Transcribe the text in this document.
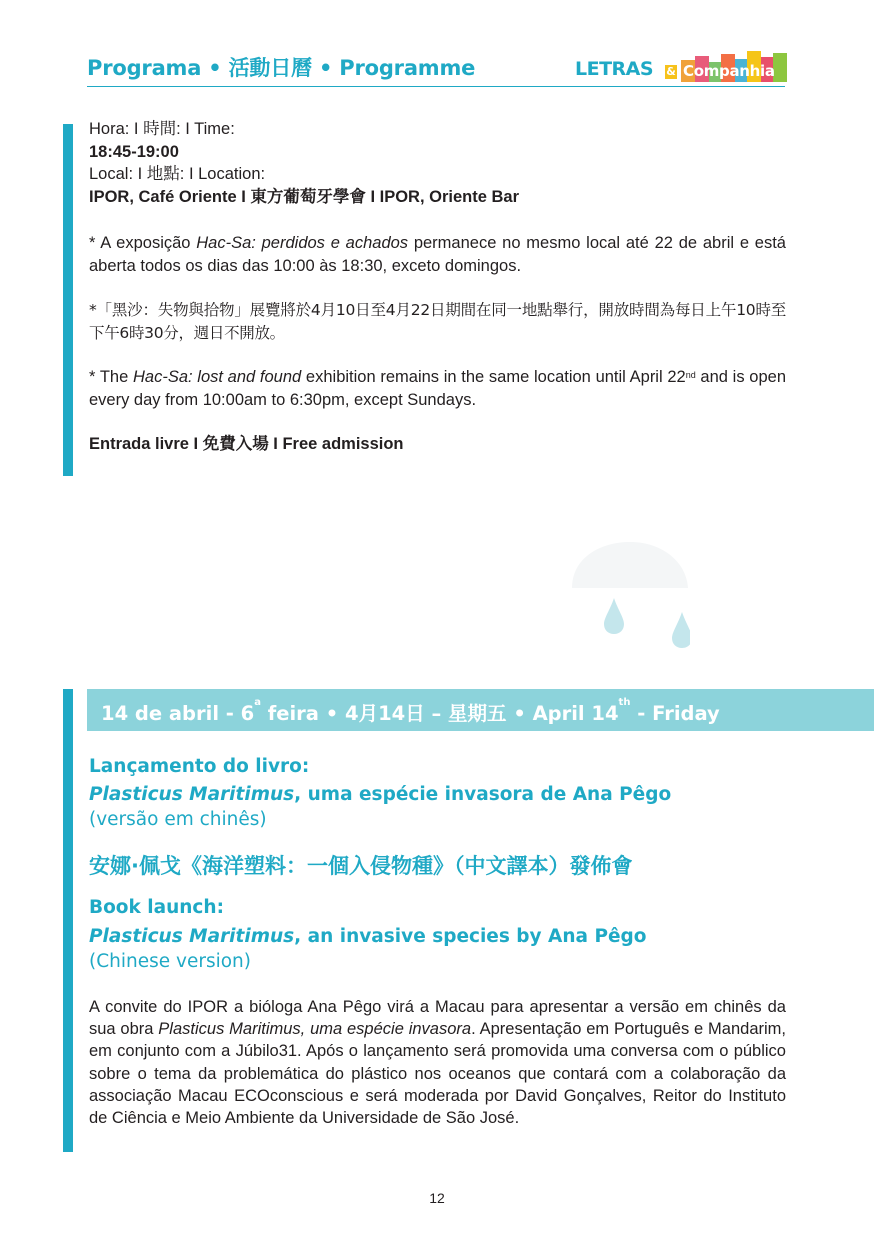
Programa • 活動日曆 • Programme	LETRAS & Companhia
Hora: I 時間: I Time:
18:45-19:00
Local: I 地點: I Location:
IPOR, Café Oriente I 東方葡萄牙學會 I IPOR, Oriente Bar
* A exposição Hac-Sa: perdidos e achados permanece no mesmo local até 22 de abril e está aberta todos os dias das 10:00 às 18:30, exceto domingos.
*「黑沙：失物與拾物」展覽將於4月10日至4月22日期間在同一地點舉行，開放時間為每日上午10時至下午6時30分，週日不開放。
* The Hac-Sa: lost and found exhibition remains in the same location until April 22nd and is open every day from 10:00am to 6:30pm, except Sundays.
Entrada livre I 免費入場 I Free admission
14 de abril - 6$^a$ feira • 4月14日 – 星期五 • April 14th - Friday
Lançamento do livro:
Plasticus Maritimus, uma espécie invasora de Ana Pêgo
(versão em chinês)
安娜·佩戈《海洋塑料：一個入侵物種》（中文譯本）發佈會
Book launch:
Plasticus Maritimus, an invasive species by Ana Pêgo
(Chinese version)
A convite do IPOR a bióloga Ana Pêgo virá a Macau para apresentar a versão em chinês da sua obra Plasticus Maritimus, uma espécie invasora. Apresentação em Português e Mandarim, em conjunto com a Júbilo31. Após o lançamento será promovida uma conversa com o público sobre o tema da problemática do plástico nos oceanos que contará com a colaboração da associação Macau ECOconscious e será moderada por David Gonçalves, Reitor do Instituto de Ciência e Meio Ambiente da Universidade de São José.
12
